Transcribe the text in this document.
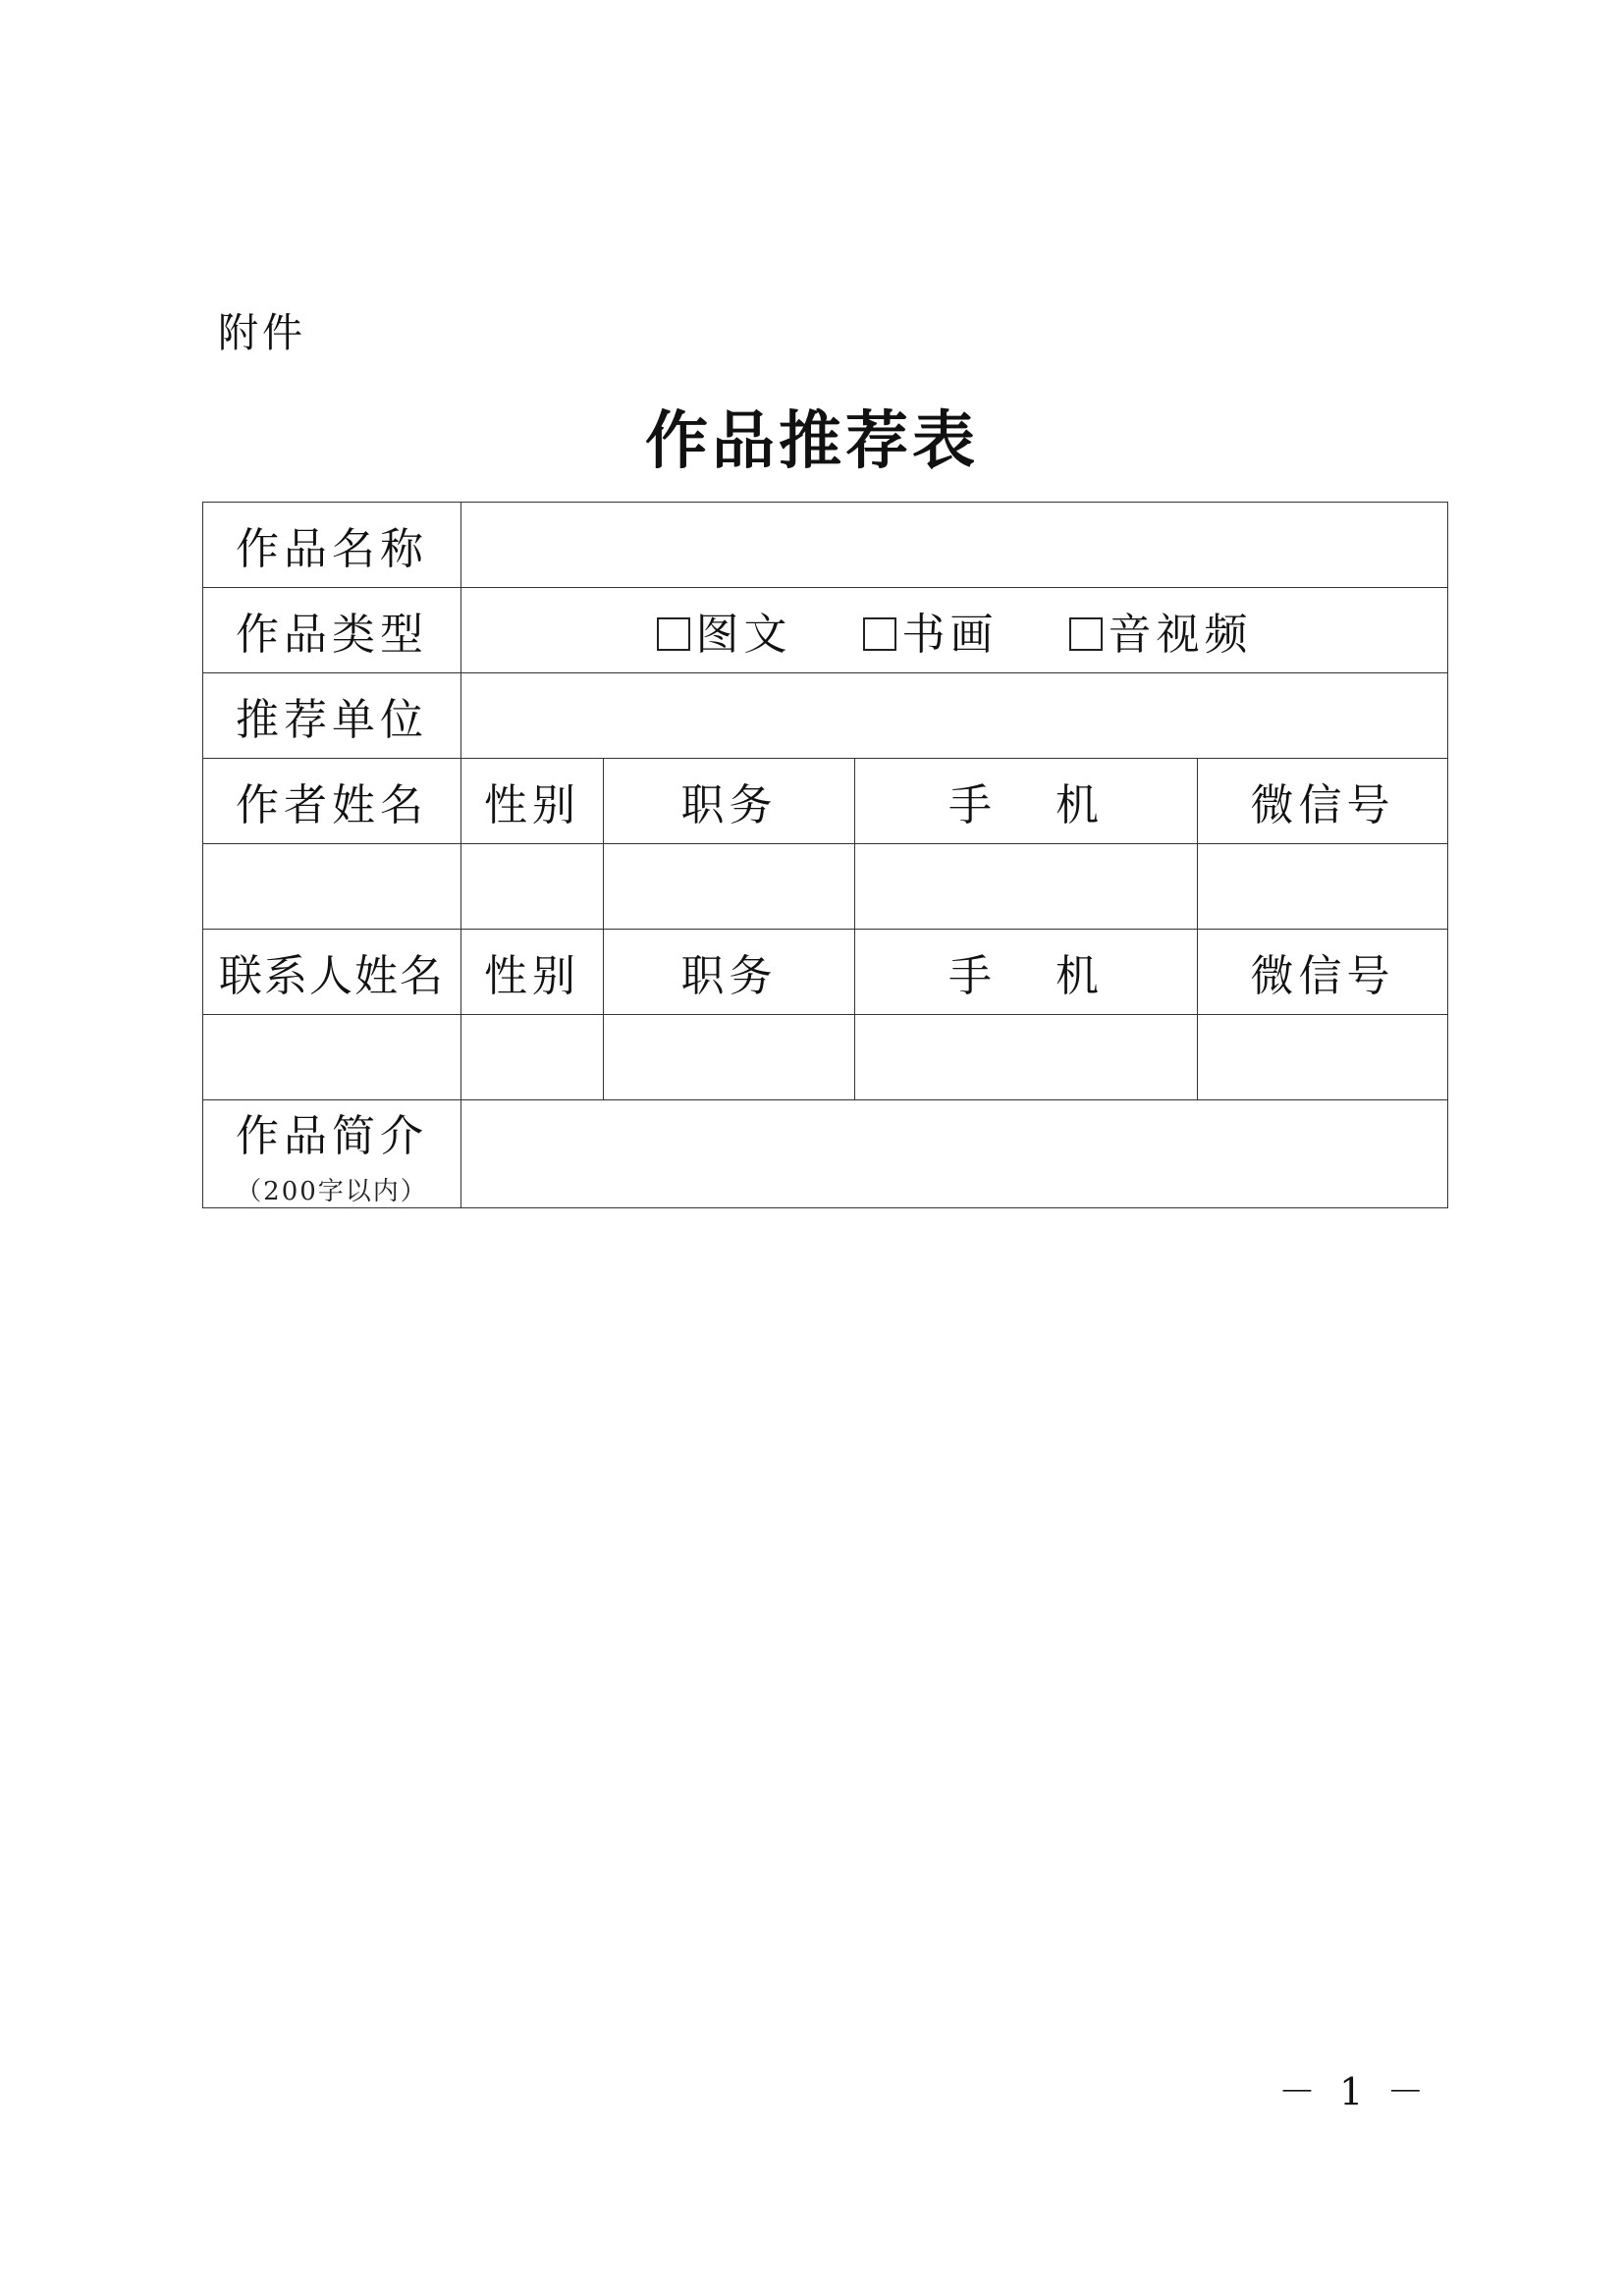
附件
作品推荐表
作品名称				
作品类型	图文 书画 音视频			
推荐单位				
作者姓名	性别	职务	手 机	微信号

联系人姓名	性别	职务	手 机	微信号

作品简介
（200字以内）				

－ 1 －
